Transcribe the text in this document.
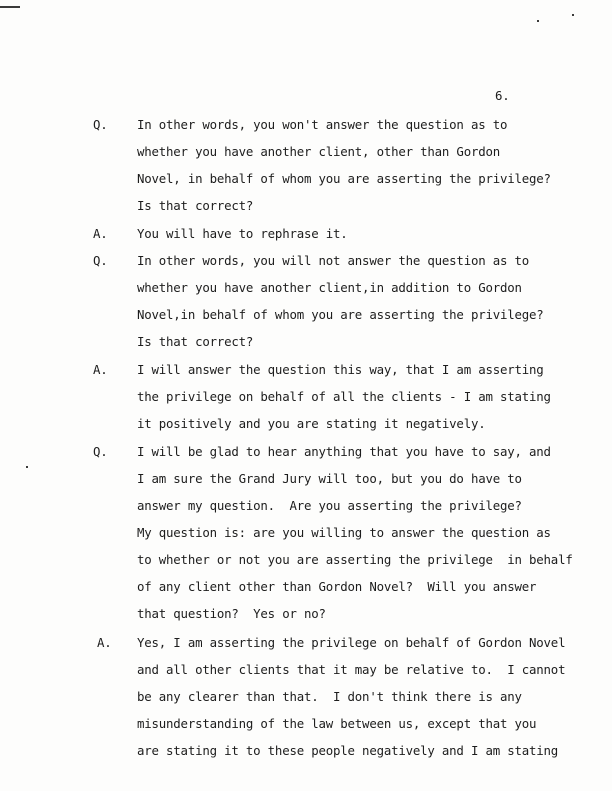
6.
Q. In other words, you won't answer the question as to
whether you have another client, other than Gordon
Novel, in behalf of whom you are asserting the privilege?
Is that correct?
A. You will have to rephrase it.
Q. In other words, you will not answer the question as to
whether you have another client,in addition to Gordon
Novel,in behalf of whom you are asserting the privilege?
Is that correct?
A. I will answer the question this way, that I am asserting
the privilege on behalf of all the clients - I am stating
it positively and you are stating it negatively.
Q. I will be glad to hear anything that you have to say, and
I am sure the Grand Jury will too, but you do have to
answer my question.  Are you asserting the privilege?
My question is: are you willing to answer the question as
to whether or not you are asserting the privilege  in behalf
of any client other than Gordon Novel?  Will you answer
that question?  Yes or no?
A. Yes, I am asserting the privilege on behalf of Gordon Novel
and all other clients that it may be relative to.  I cannot
be any clearer than that.  I don't think there is any
misunderstanding of the law between us, except that you
are stating it to these people negatively and I am stating
